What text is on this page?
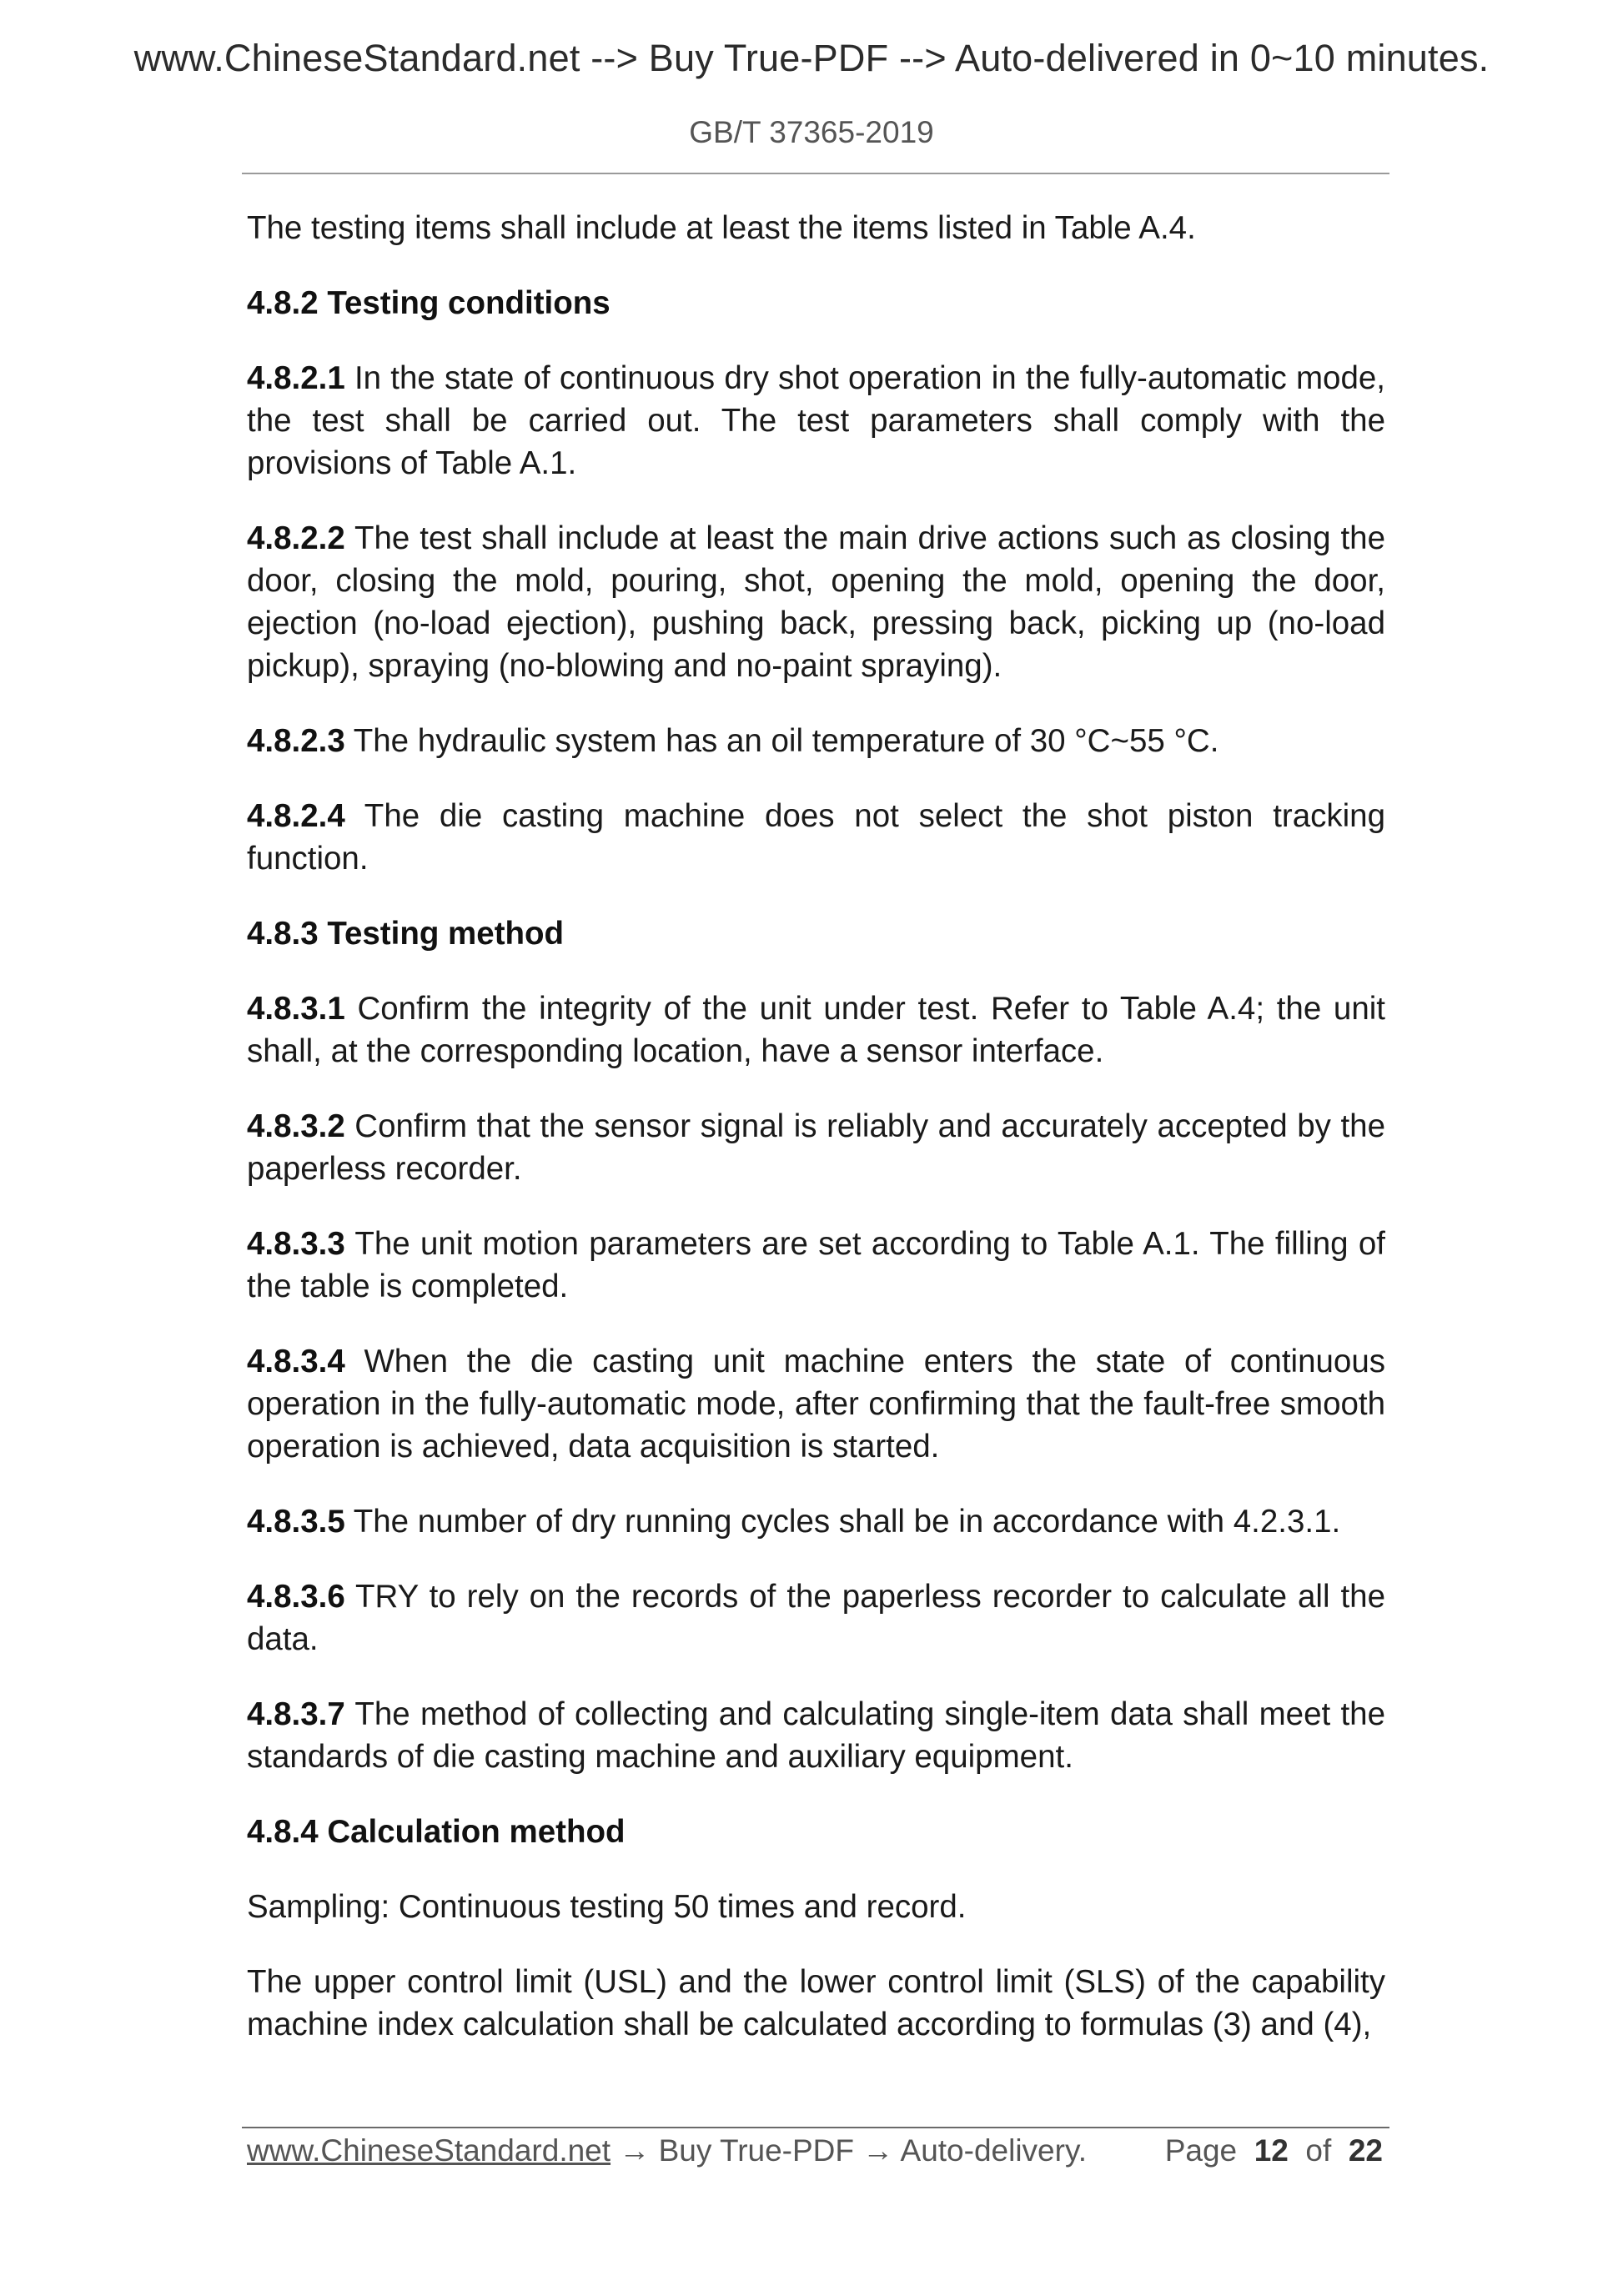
www.ChineseStandard.net --> Buy True-PDF --> Auto-delivered in 0~10 minutes.
GB/T 37365-2019

The testing items shall include at least the items listed in Table A.4.

4.8.2 Testing conditions

4.8.2.1 In the state of continuous dry shot operation in the fully-automatic mode, the test shall be carried out. The test parameters shall comply with the provisions of Table A.1.

4.8.2.2 The test shall include at least the main drive actions such as closing the door, closing the mold, pouring, shot, opening the mold, opening the door, ejection (no-load ejection), pushing back, pressing back, picking up (no-load pickup), spraying (no-blowing and no-paint spraying).

4.8.2.3 The hydraulic system has an oil temperature of 30 °C~55 °C.

4.8.2.4 The die casting machine does not select the shot piston tracking function.

4.8.3 Testing method

4.8.3.1 Confirm the integrity of the unit under test. Refer to Table A.4; the unit shall, at the corresponding location, have a sensor interface.

4.8.3.2 Confirm that the sensor signal is reliably and accurately accepted by the paperless recorder.

4.8.3.3 The unit motion parameters are set according to Table A.1. The filling of the table is completed.

4.8.3.4 When the die casting unit machine enters the state of continuous operation in the fully-automatic mode, after confirming that the fault-free smooth operation is achieved, data acquisition is started.

4.8.3.5 The number of dry running cycles shall be in accordance with 4.2.3.1.

4.8.3.6 TRY to rely on the records of the paperless recorder to calculate all the data.

4.8.3.7 The method of collecting and calculating single-item data shall meet the standards of die casting machine and auxiliary equipment.

4.8.4 Calculation method

Sampling: Continuous testing 50 times and record.

The upper control limit (USL) and the lower control limit (SLS) of the capability machine index calculation shall be calculated according to formulas (3) and (4),

www.ChineseStandard.net → Buy True-PDF → Auto-delivery.	Page 12 of 22
